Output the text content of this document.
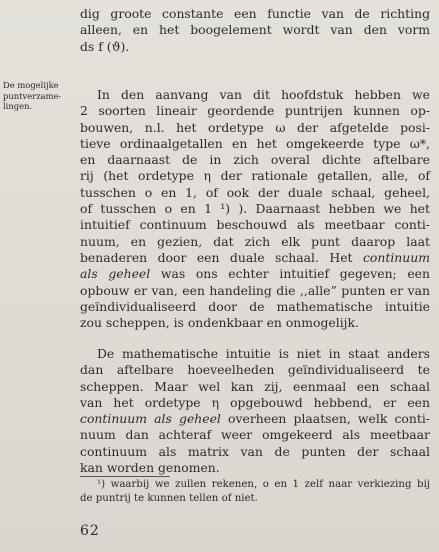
De mogelijke
puntverzame-
lingen.
dig groote constante een functie van de richting
alleen, en het boogelement wordt van den vorm
ds f (ϑ).
In den aanvang van dit hoofdstuk hebben we
2 soorten lineair geordende puntrijen kunnen op-
bouwen, n.l. het ordetype ω der afgetelde posi-
tieve ordinaalgetallen en het omgekeerde type ω*,
en daarnaast de in zich overal dichte aftelbare
rij (het ordetype η der rationale getallen, alle, of
tusschen o en 1, of ook der duale schaal, geheel,
of tusschen o en 1 ¹) ). Daarnaast hebben we het
intuitief continuum beschouwd als meetbaar conti-
nuum, en gezien, dat zich elk punt daarop laat
benaderen door een duale schaal. Het continuum
als geheel was ons echter intuitief gegeven; een
opbouw er van, een handeling die ,,alle” punten er van
geïndividualiseerd door de mathematische intuitie
zou scheppen, is ondenkbaar en onmogelijk.
De mathematische intuitie is niet in staat anders
dan aftelbare hoeveelheden geïndividualiseerd te
scheppen. Maar wel kan zij, eenmaal een schaal
van het ordetype η opgebouwd hebbend, er een
continuum als geheel overheen plaatsen, welk conti-
nuum dan achteraf weer omgekeerd als meetbaar
continuum als matrix van de punten der schaal
kan worden genomen.
¹) waarbij we zullen rekenen, o en 1 zelf naar verkiezing bij
de puntrij te kunnen tellen of niet.
62
